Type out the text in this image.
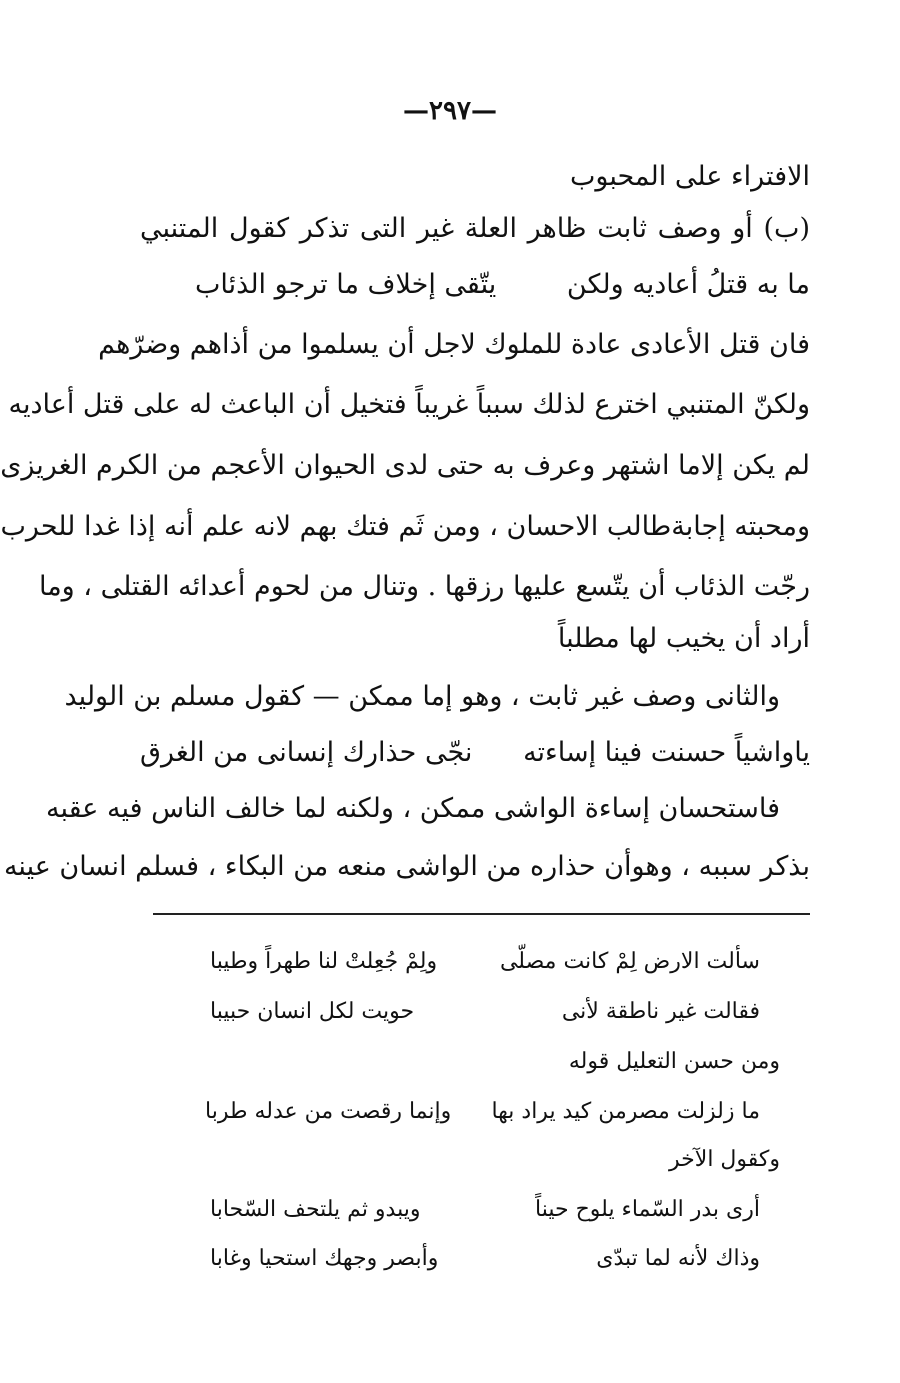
—٢٩٧—
الافتراء على المحبوب
(ب) أو وصف ثابت ظاهر العلة غير التى تذكر كقول المتنبي
ما به قتلُ أعاديه ولكن
يتّقى إخلاف ما ترجو الذئاب
فان قتل الأعادى عادة للملوك لاجل أن يسلموا من أذاهم وضرّهم
ولكنّ المتنبي اخترع لذلك سبباً غريباً فتخيل أن الباعث له على قتل أعاديه
لم يكن إلاما اشتهر وعرف به حتى لدى الحيوان الأعجم من الكرم الغريزى
ومحبته إجابةطالب الاحسان ، ومن ثَم فتك بهم لانه علم أنه إذا غدا للحرب
رجّت الذئاب أن يتّسع عليها رزقها . وتنال من لحوم أعدائه القتلى ، وما
أراد أن يخيب لها مطلباً
والثانى وصف غير ثابت ، وهو إما ممكن — كقول مسلم بن الوليد
ياواشياً حسنت فينا إساءته
نجّى حذارك إنسانى من الغرق
فاستحسان إساءة الواشى ممكن ، ولكنه لما خالف الناس فيه عقبه
بذكر سببه ، وهوأن حذاره من الواشى منعه من البكاء ، فسلم انسان عينه
سألت الارض لِمْ كانت مصلّى
ولِمْ جُعِلتْ لنا طهراً وطيبا
فقالت غير ناطقة لأنى
حويت لكل انسان حبيبا
ومن حسن التعليل قوله
ما زلزلت مصرمن كيد يراد بها
وإنما رقصت من عدله طربا
وكقول الآخر
أرى بدر السّماء يلوح حيناً
ويبدو ثم يلتحف السّحابا
وذاك لأنه لما تبدّى
وأبصر وجهك استحيا وغابا
